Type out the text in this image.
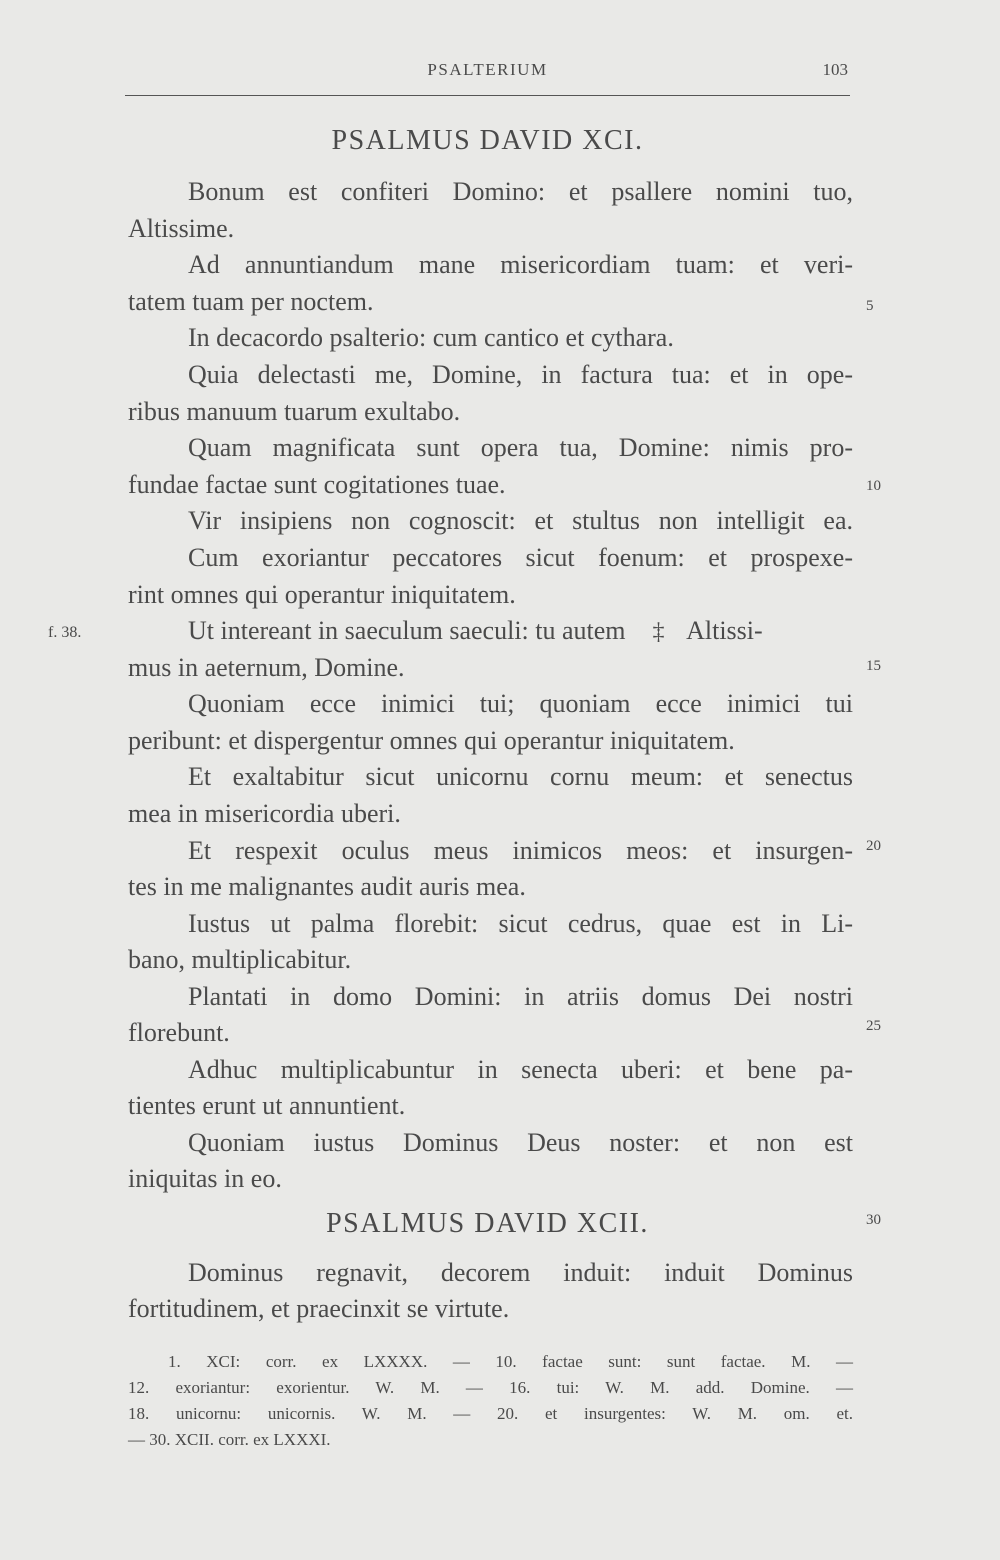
PSALTERIUM	103
PSALMUS DAVID XCI.
Bonum est confiteri Domino: et psallere nomini tuo,
Altissime.
Ad annuntiandum mane misericordiam tuam: et veri-
tatem tuam per noctem.
In decacordo psalterio: cum cantico et cythara.
Quia delectasti me, Domine, in factura tua: et in ope-
ribus manuum tuarum exultabo.
Quam magnificata sunt opera tua, Domine: nimis pro-
fundae factae sunt cogitationes tuae.
Vir insipiens non cognoscit: et stultus non intelligit ea.
Cum exoriantur peccatores sicut foenum: et prospexe-
rint omnes qui operantur iniquitatem.
Ut intereant in saeculum saeculi: tu autem ‡ Altissi-
mus in aeternum, Domine.
Quoniam ecce inimici tui; quoniam ecce inimici tui
peribunt: et dispergentur omnes qui operantur iniquitatem.
Et exaltabitur sicut unicornu cornu meum: et senectus
mea in misericordia uberi.
Et respexit oculus meus inimicos meos: et insurgen-
tes in me malignantes audit auris mea.
Iustus ut palma florebit: sicut cedrus, quae est in Li-
bano, multiplicabitur.
Plantati in domo Domini: in atriis domus Dei nostri
florebunt.
Adhuc multiplicabuntur in senecta uberi: et bene pa-
tientes erunt ut annuntient.
Quoniam iustus Dominus Deus noster: et non est
iniquitas in eo.
PSALMUS DAVID XCII.
Dominus regnavit, decorem induit: induit Dominus
fortitudinem, et praecinxit se virtute.
5
10
15
20
25
30
f. 38.
1. XCI: corr. ex LXXXX. — 10. factae sunt: sunt factae. M. —
12. exoriantur: exorientur. W. M. — 16. tui: W. M. add. Domine. —
18. unicornu: unicornis. W. M. — 20. et insurgentes: W. M. om. et.
— 30. XCII. corr. ex LXXXI.
